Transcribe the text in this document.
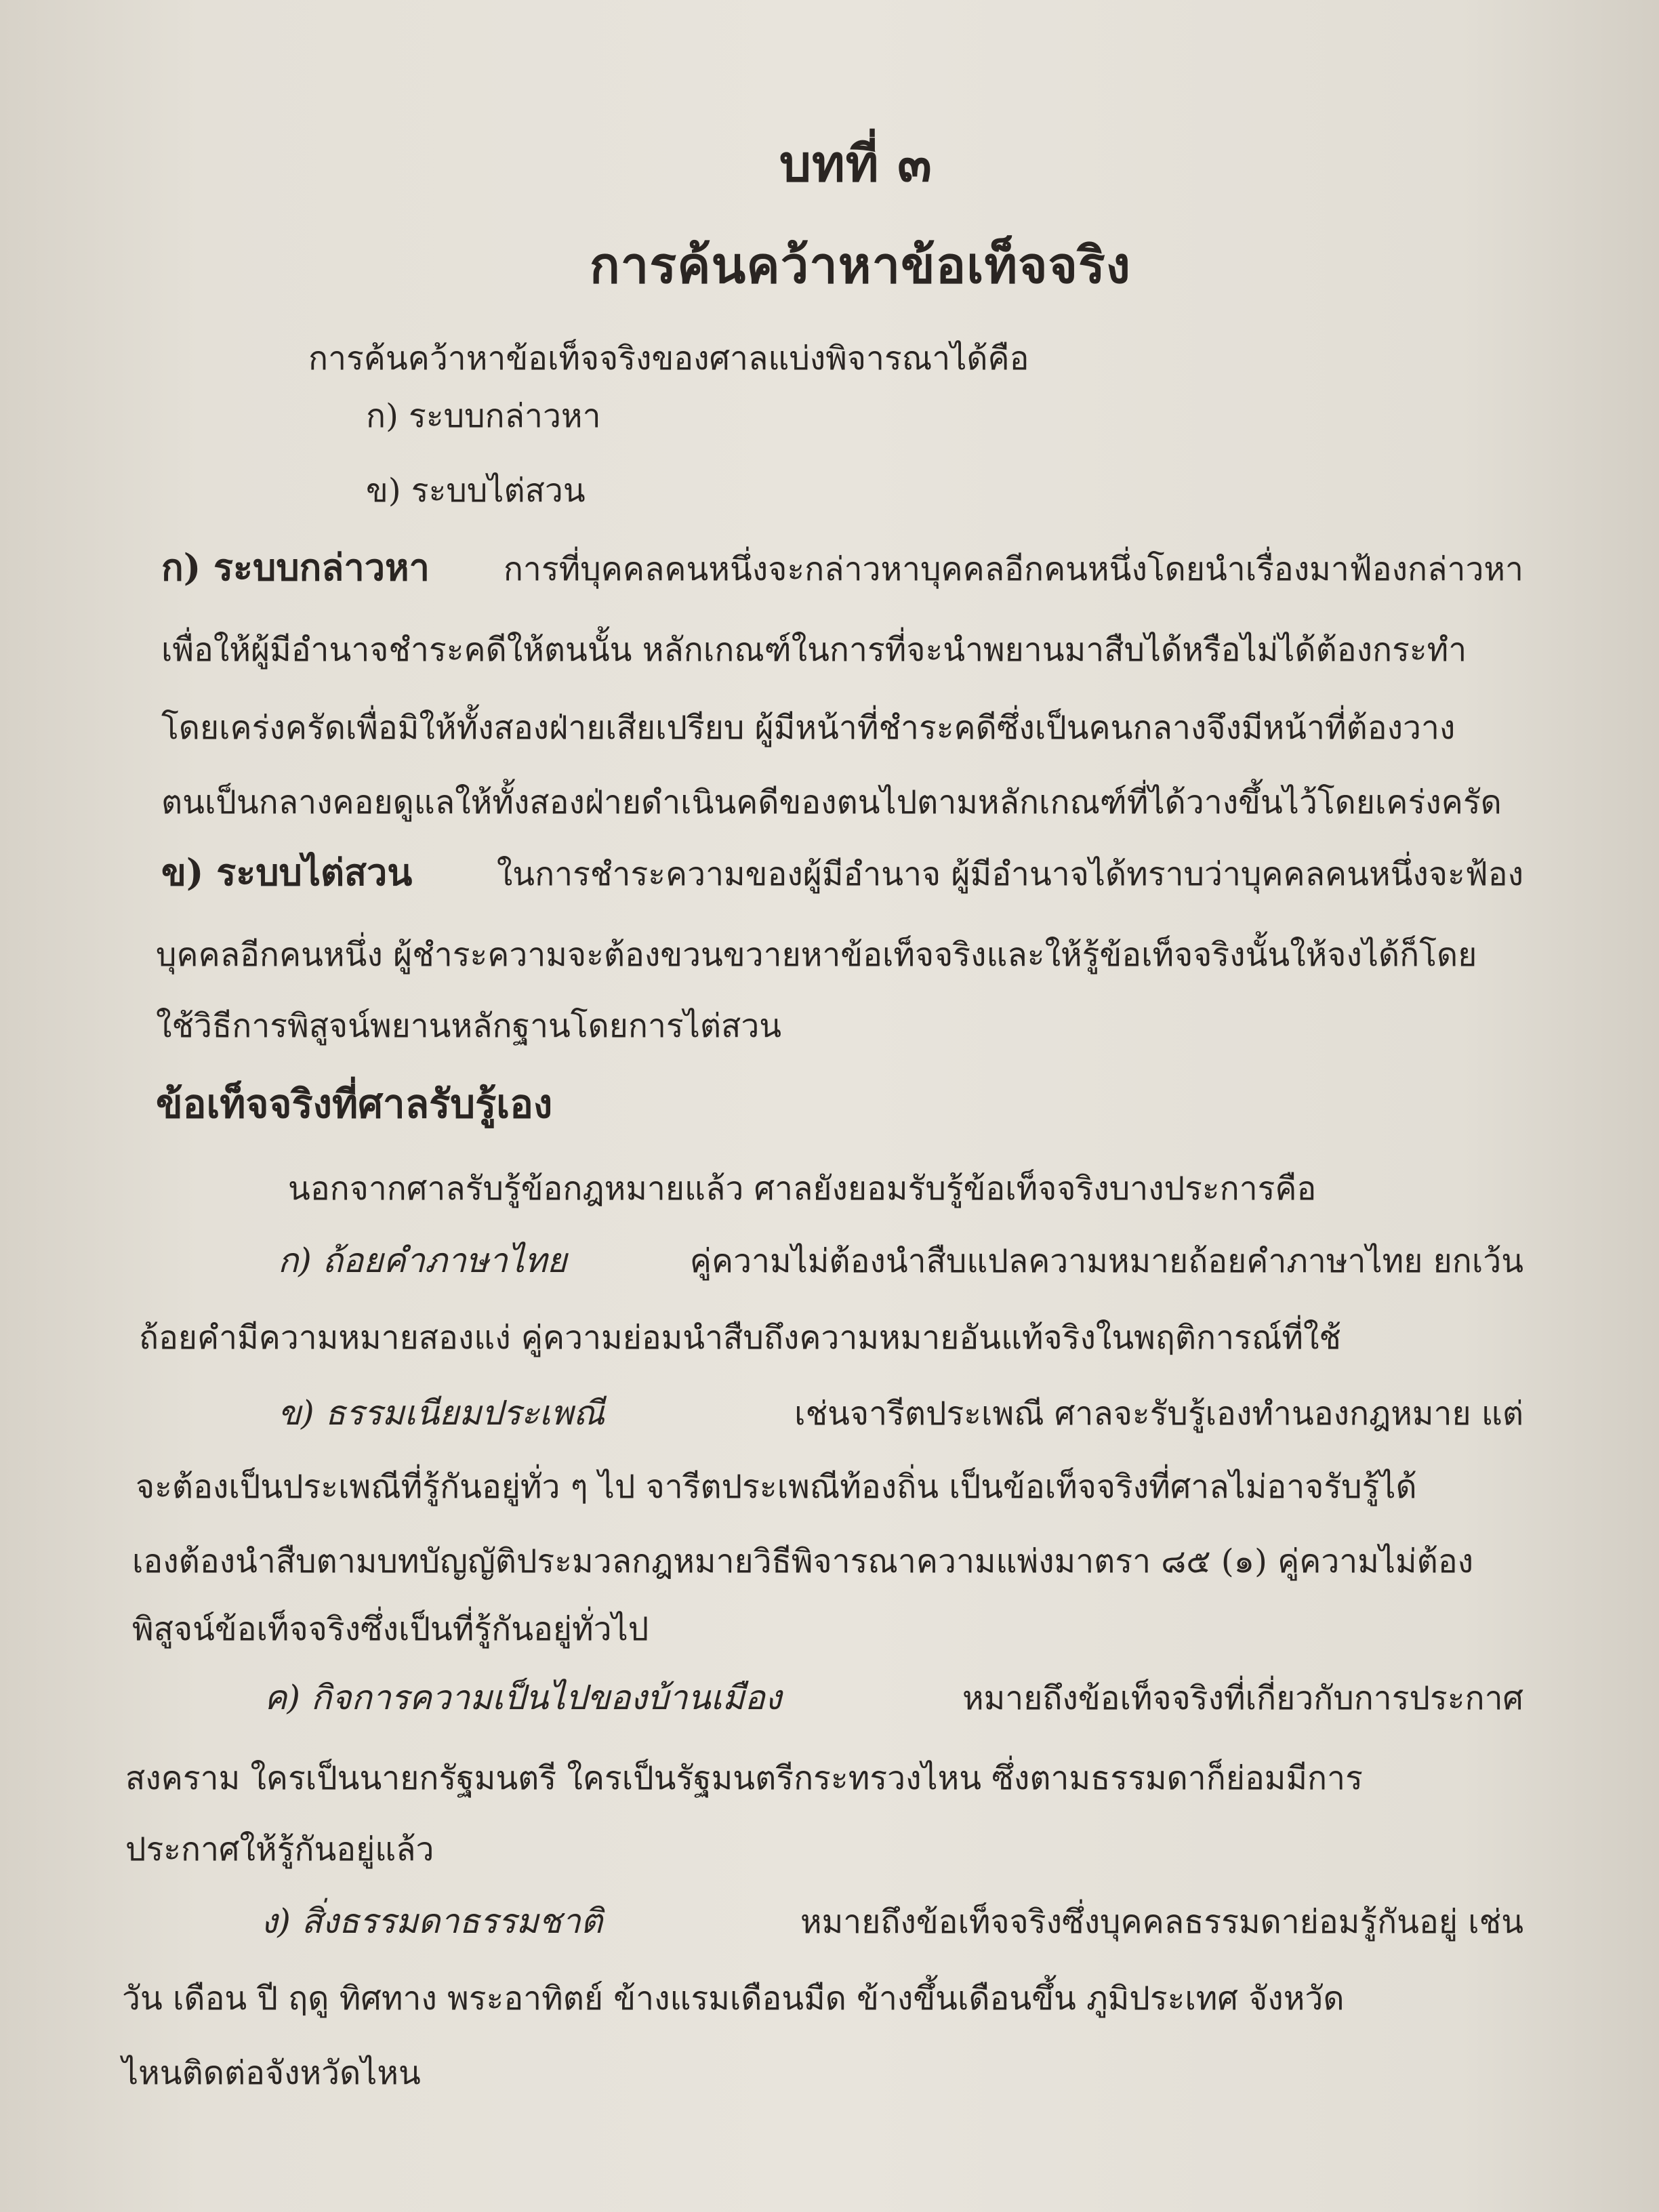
บทที่ ๓
การค้นคว้าหาข้อเท็จจริง
การค้นคว้าหาข้อเท็จจริงของศาลแบ่งพิจารณาได้คือ
ก) ระบบกล่าวหา
ข) ระบบไต่สวน
ก) ระบบกล่าวหา การที่บุคคลคนหนึ่งจะกล่าวหาบุคคลอีกคนหนึ่งโดยนำเรื่องมาฟ้องกล่าวหา
เพื่อให้ผู้มีอำนาจชำระคดีให้ตนนั้น หลักเกณฑ์ในการที่จะนำพยานมาสืบได้หรือไม่ได้ต้องกระทำ
โดยเคร่งครัดเพื่อมิให้ทั้งสองฝ่ายเสียเปรียบ ผู้มีหน้าที่ชำระคดีซึ่งเป็นคนกลางจึงมีหน้าที่ต้องวาง
ตนเป็นกลางคอยดูแลให้ทั้งสองฝ่ายดำเนินคดีของตนไปตามหลักเกณฑ์ที่ได้วางขึ้นไว้โดยเคร่งครัด
ข) ระบบไต่สวน	ในการชำระความของผู้มีอำนาจ ผู้มีอำนาจได้ทราบว่าบุคคลคนหนึ่งจะฟ้อง
บุคคลอีกคนหนึ่ง ผู้ชำระความจะต้องขวนขวายหาข้อเท็จจริงและให้รู้ข้อเท็จจริงนั้นให้จงได้ก็โดย
ใช้วิธีการพิสูจน์พยานหลักฐานโดยการไต่สวน
ข้อเท็จจริงที่ศาลรับรู้เอง
นอกจากศาลรับรู้ข้อกฎหมายแล้ว ศาลยังยอมรับรู้ข้อเท็จจริงบางประการคือ
ก) ถ้อยคำภาษาไทย	คู่ความไม่ต้องนำสืบแปลความหมายถ้อยคำภาษาไทย ยกเว้น
ถ้อยคำมีความหมายสองแง่ คู่ความย่อมนำสืบถึงความหมายอันแท้จริงในพฤติการณ์ที่ใช้
ข) ธรรมเนียมประเพณี	เช่นจารีตประเพณี ศาลจะรับรู้เองทำนองกฎหมาย แต่
จะต้องเป็นประเพณีที่รู้กันอยู่ทั่ว ๆ ไป จารีตประเพณีท้องถิ่น เป็นข้อเท็จจริงที่ศาลไม่อาจรับรู้ได้
เองต้องนำสืบตามบทบัญญัติประมวลกฎหมายวิธีพิจารณาความแพ่งมาตรา ๘๕ (๑) คู่ความไม่ต้อง
พิสูจน์ข้อเท็จจริงซึ่งเป็นที่รู้กันอยู่ทั่วไป
ค) กิจการความเป็นไปของบ้านเมือง	หมายถึงข้อเท็จจริงที่เกี่ยวกับการประกาศ
สงคราม ใครเป็นนายกรัฐมนตรี ใครเป็นรัฐมนตรีกระทรวงไหน ซึ่งตามธรรมดาก็ย่อมมีการ
ประกาศให้รู้กันอยู่แล้ว
ง) สิ่งธรรมดาธรรมชาติ	หมายถึงข้อเท็จจริงซึ่งบุคคลธรรมดาย่อมรู้กันอยู่ เช่น
วัน เดือน ปี ฤดู ทิศทาง พระอาทิตย์ ข้างแรมเดือนมืด ข้างขึ้นเดือนขึ้น ภูมิประเทศ จังหวัด
ไหนติดต่อจังหวัดไหน
